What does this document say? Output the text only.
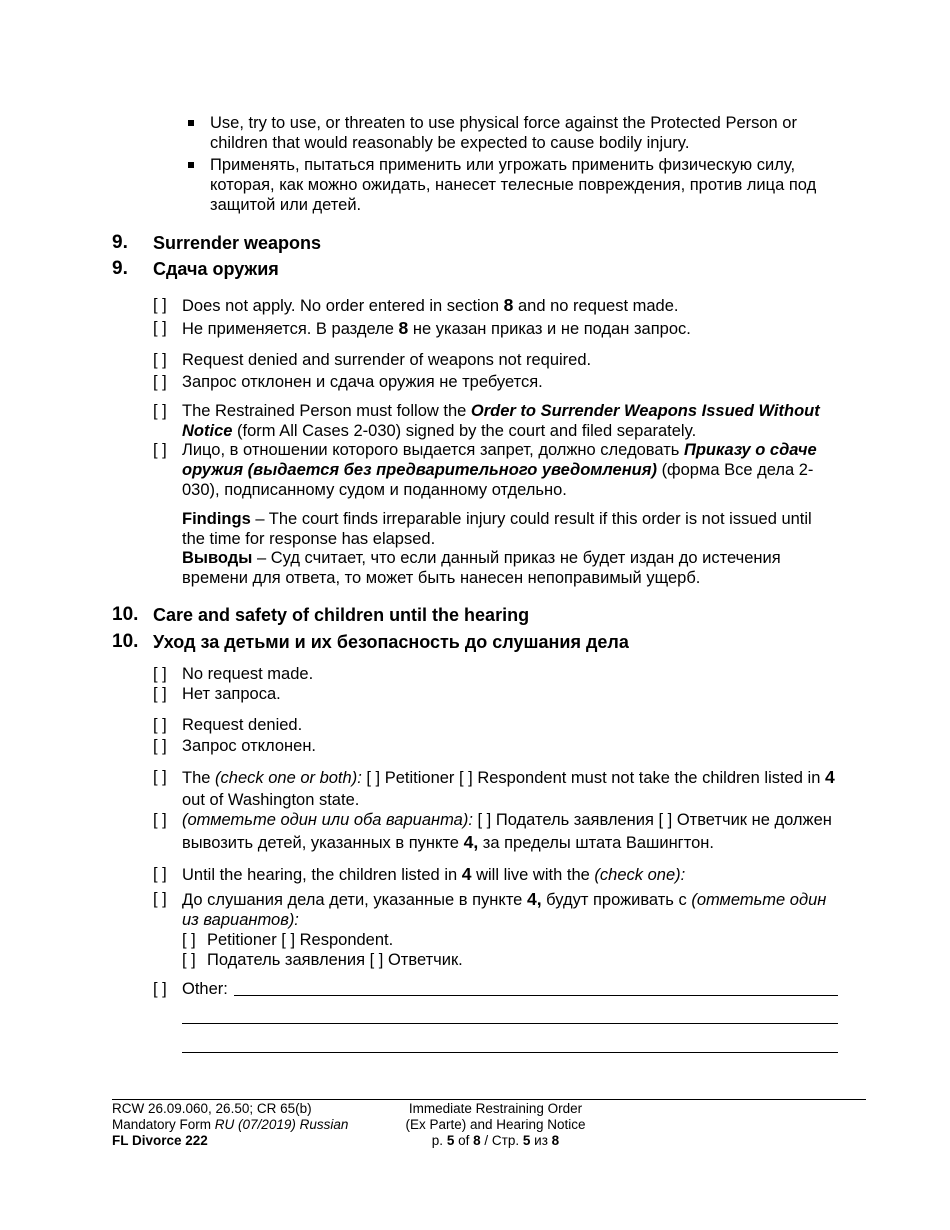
Use, try to use, or threaten to use physical force against the Protected Person or children that would reasonably be expected to cause bodily injury.
Применять, пытаться применить или угрожать применить физическую силу, которая, как можно ожидать, нанесет телесные повреждения, против лица под защитой или детей.
9. Surrender weapons
9. Сдача оружия
[ ] Does not apply. No order entered in section 8 and no request made.
[ ] Не применяется. В разделе 8 не указан приказ и не подан запрос.
[ ] Request denied and surrender of weapons not required.
[ ] Запрос отклонен и сдача оружия не требуется.
[ ] The Restrained Person must follow the Order to Surrender Weapons Issued Without Notice (form All Cases 2-030) signed by the court and filed separately.
[ ] Лицо, в отношении которого выдается запрет, должно следовать Приказу о сдаче оружия (выдается без предварительного уведомления) (форма Все дела 2-030), подписанному судом и поданному отдельно.
Findings – The court finds irreparable injury could result if this order is not issued until the time for response has elapsed.
Выводы – Суд считает, что если данный приказ не будет издан до истечения времени для ответа, то может быть нанесен непоправимый ущерб.
10. Care and safety of children until the hearing
10. Уход за детьми и их безопасность до слушания дела
[ ] No request made.
[ ] Нет запроса.
[ ] Request denied.
[ ] Запрос отклонен.
[ ] The (check one or both): [ ] Petitioner [ ] Respondent must not take the children listed in 4 out of Washington state.
[ ] (отметьте один или оба варианта): [ ] Податель заявления [ ] Ответчик не должен вывозить детей, указанных в пункте 4, за пределы штата Вашингтон.
[ ] Until the hearing, the children listed in 4 will live with the (check one):
[ ] До слушания дела дети, указанные в пункте 4, будут проживать с (отметьте один из вариантов):
[ ] Petitioner [ ] Respondent.
[ ] Податель заявления [ ] Ответчик.
[ ] Other:
RCW 26.09.060, 26.50; CR 65(b)
Mandatory Form RU (07/2019) Russian
FL Divorce 222
Immediate Restraining Order
(Ex Parte) and Hearing Notice
p. 5 of 8 / Стр. 5 из 8
